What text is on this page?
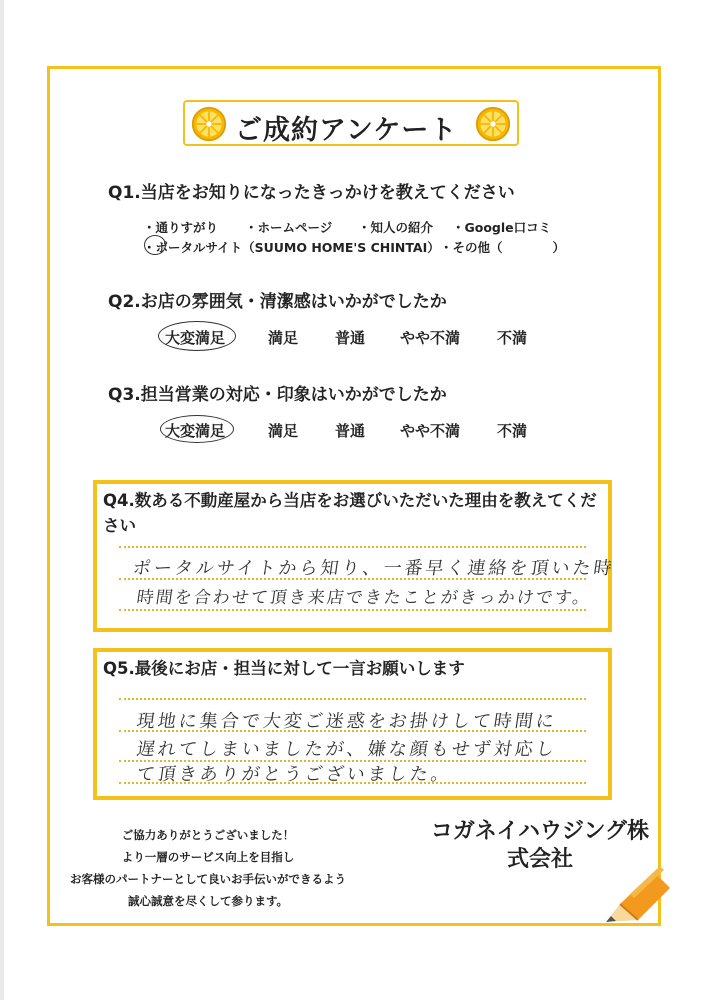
ご成約アンケート
Q1.当店をお知りになったきっかけを教えてください
・通りすがり ・ホームページ ・知人の紹介 ・Google口コミ
・ポータルサイト（SUUMO HOME'S CHINTAI） ・その他（　　　　）
Q2.お店の雰囲気・清潔感はいかがでしたか
大変満足	満足 普通 やや不満 不満
Q3.担当営業の対応・印象はいかがでしたか
大変満足	満足 普通 やや不満 不満
Q4.数ある不動産屋から当店をお選びいただいた理由を教えてください
ポータルサイトから知り、一番早く連絡を頂いた時
時間を合わせて頂き来店できたことがきっかけです。
Q5.最後にお店・担当に対して一言お願いします
現地に集合で大変ご迷惑をお掛けして時間に
遅れてしまいましたが、嫌な顔もせず対応し
て頂きありがとうございました。
ご協力ありがとうございました！
より一層のサービス向上を目指し
お客様のパートナーとして良いお手伝いができるよう
誠心誠意を尽くして参ります。
コガネイハウジング株
式会社
